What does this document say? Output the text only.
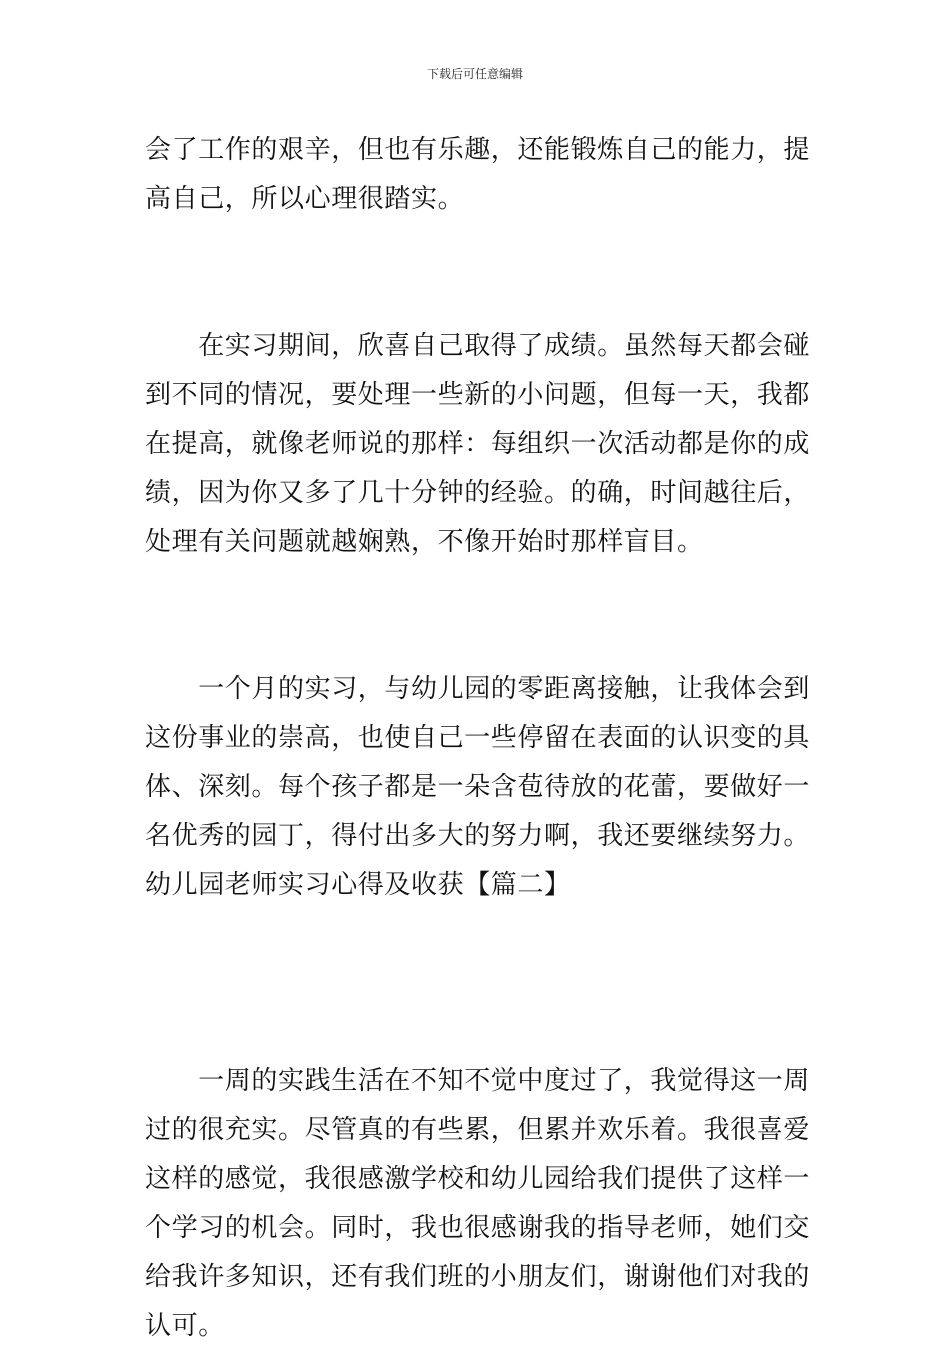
下载后可任意编辑
会了工作的艰辛，但也有乐趣，还能锻炼自己的能力，提
高自己，所以心理很踏实。
　　在实习期间，欣喜自己取得了成绩。虽然每天都会碰
到不同的情况，要处理一些新的小问题，但每一天，我都
在提高，就像老师说的那样：每组织一次活动都是你的成
绩，因为你又多了几十分钟的经验。的确，时间越往后，
处理有关问题就越娴熟，不像开始时那样盲目。
　　一个月的实习，与幼儿园的零距离接触，让我体会到
这份事业的崇高，也使自己一些停留在表面的认识变的具
体、深刻。每个孩子都是一朵含苞待放的花蕾，要做好一
名优秀的园丁，得付出多大的努力啊，我还要继续努力。
幼儿园老师实习心得及收获【篇二】
　　一周的实践生活在不知不觉中度过了，我觉得这一周
过的很充实。尽管真的有些累，但累并欢乐着。我很喜爱
这样的感觉，我很感激学校和幼儿园给我们提供了这样一
个学习的机会。同时，我也很感谢我的指导老师，她们交
给我许多知识，还有我们班的小朋友们，谢谢他们对我的
认可。
